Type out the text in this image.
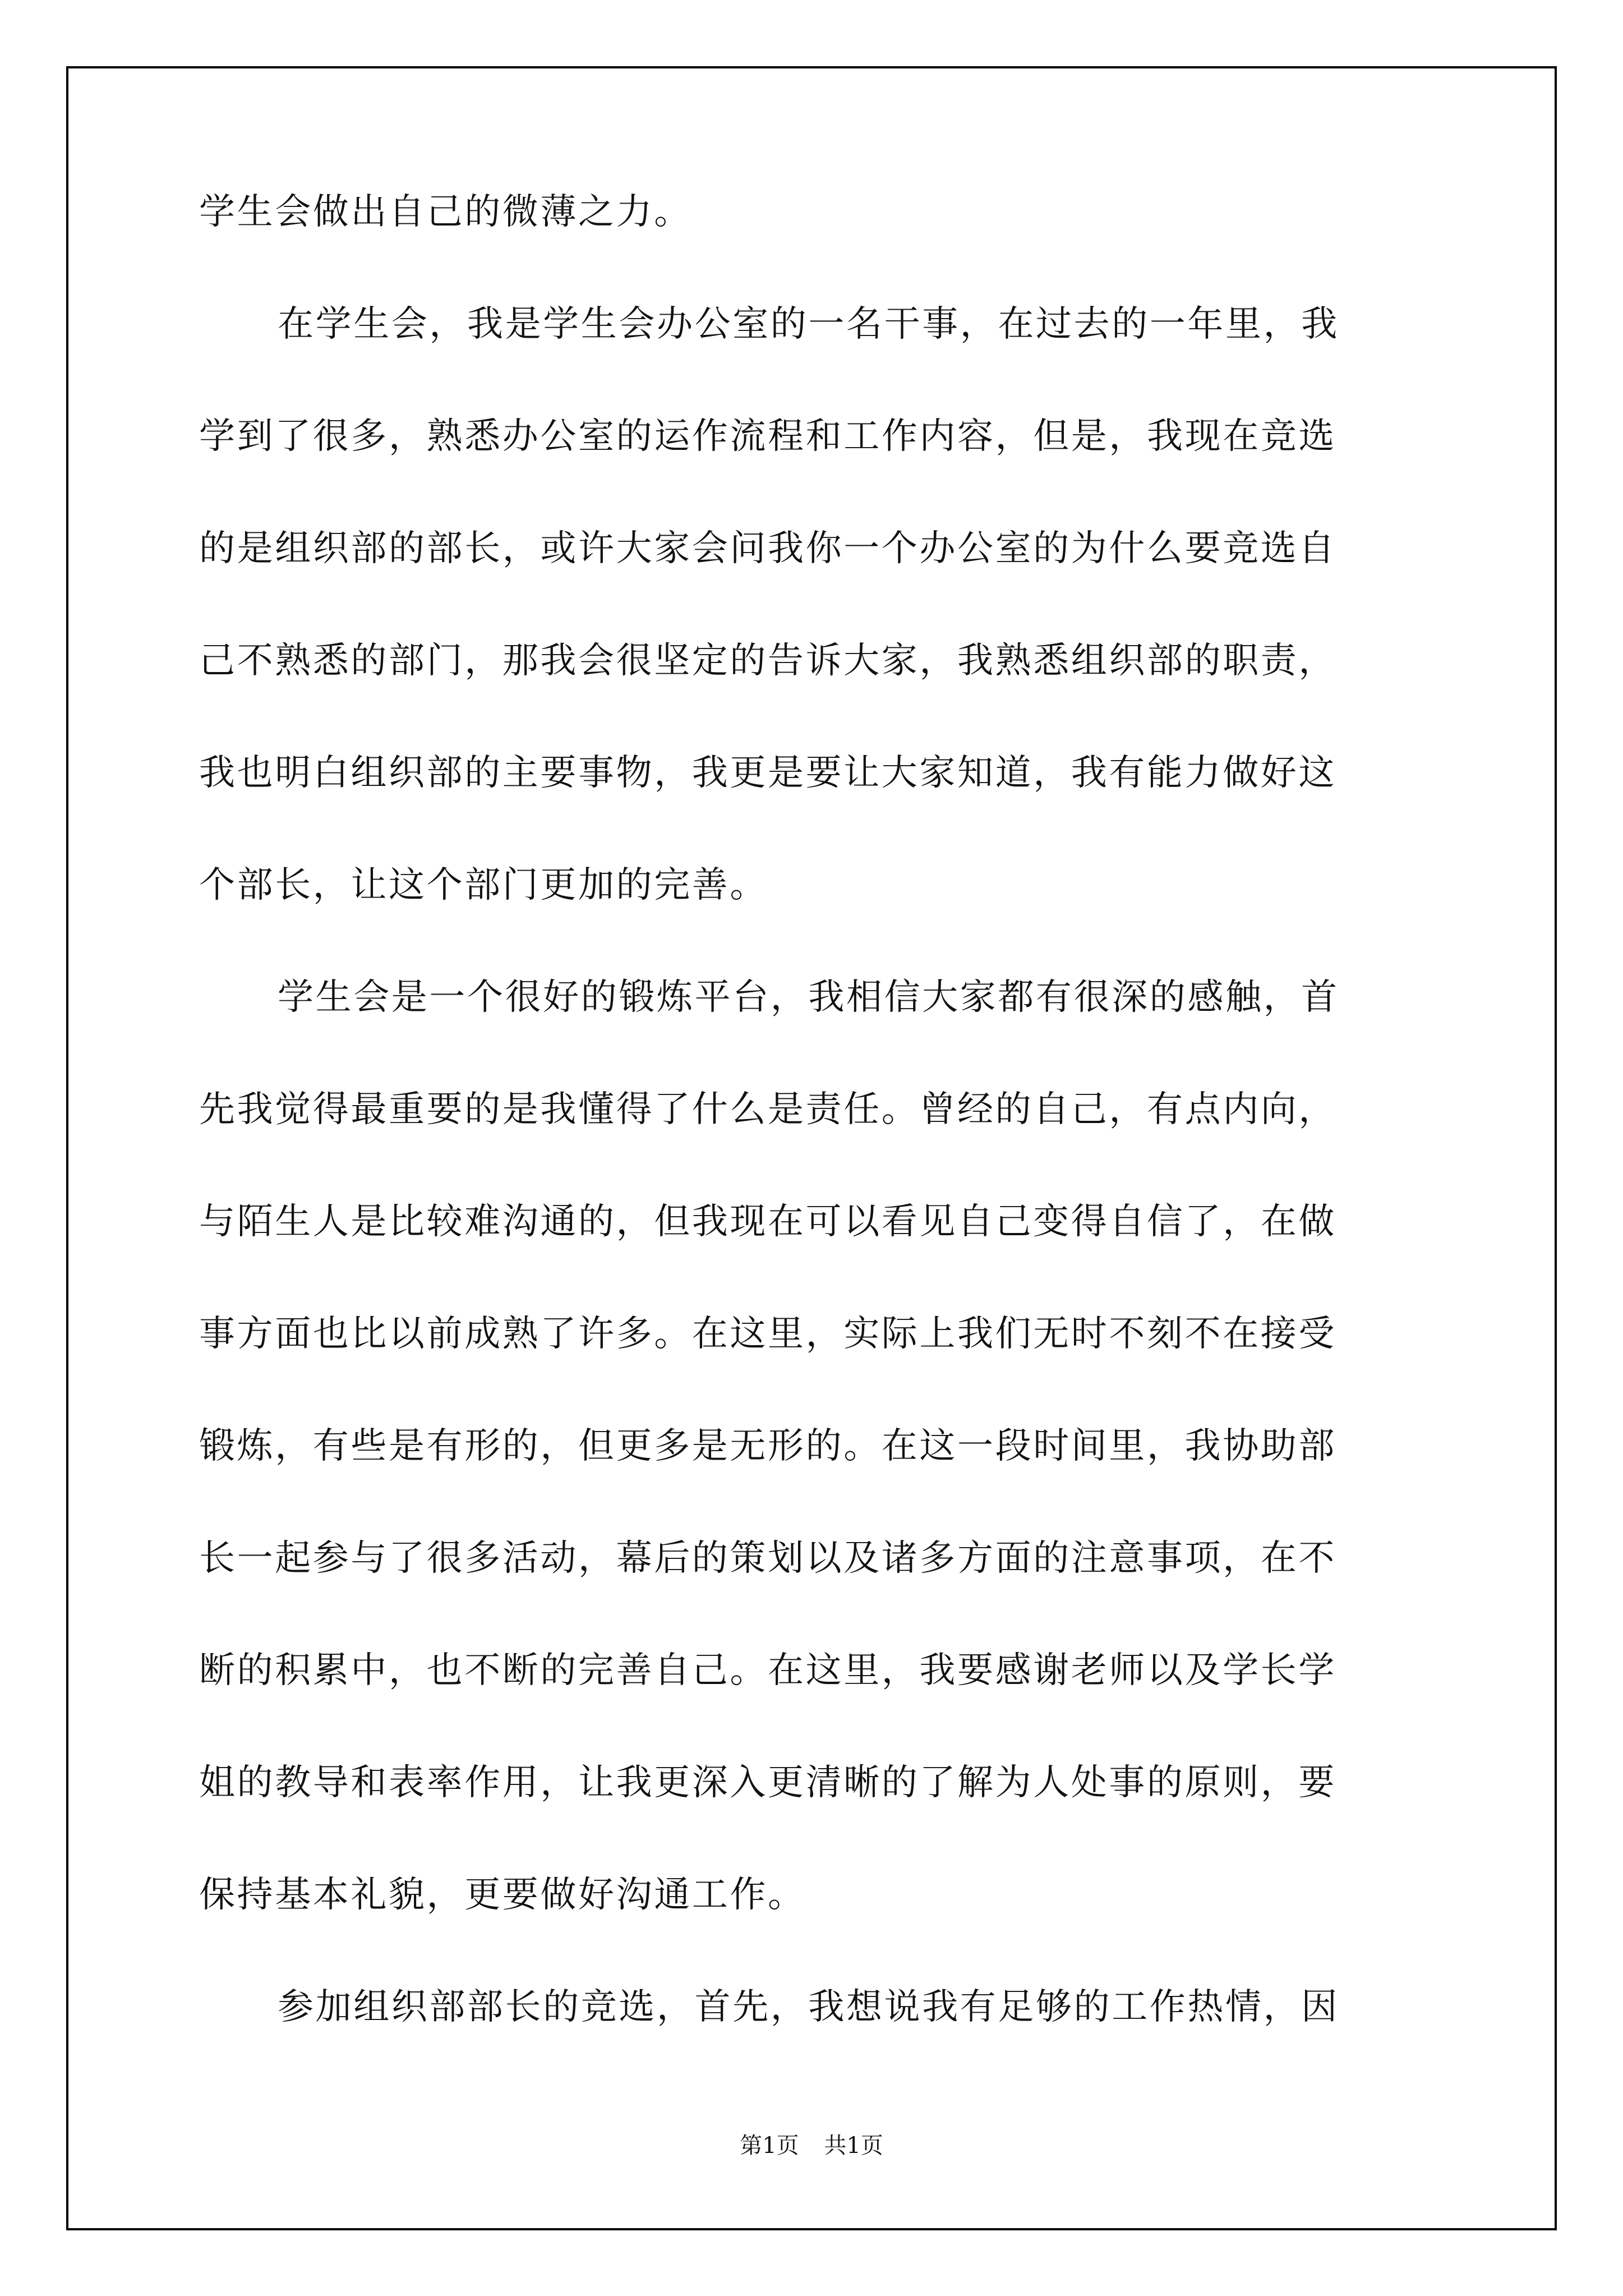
学生会做出自己的微薄之力。
在学生会，我是学生会办公室的一名干事，在过去的一年里，我
学到了很多，熟悉办公室的运作流程和工作内容，但是，我现在竞选
的是组织部的部长，或许大家会问我你一个办公室的为什么要竞选自
己不熟悉的部门，那我会很坚定的告诉大家，我熟悉组织部的职责，
我也明白组织部的主要事物，我更是要让大家知道，我有能力做好这
个部长，让这个部门更加的完善。
学生会是一个很好的锻炼平台，我相信大家都有很深的感触，首
先我觉得最重要的是我懂得了什么是责任。曾经的自己，有点内向，
与陌生人是比较难沟通的，但我现在可以看见自己变得自信了，在做
事方面也比以前成熟了许多。在这里，实际上我们无时不刻不在接受
锻炼，有些是有形的，但更多是无形的。在这一段时间里，我协助部
长一起参与了很多活动，幕后的策划以及诸多方面的注意事项，在不
断的积累中，也不断的完善自己。在这里，我要感谢老师以及学长学
姐的教导和表率作用，让我更深入更清晰的了解为人处事的原则，要
保持基本礼貌，更要做好沟通工作。
参加组织部部长的竞选，首先，我想说我有足够的工作热情，因
第1页 共1页
